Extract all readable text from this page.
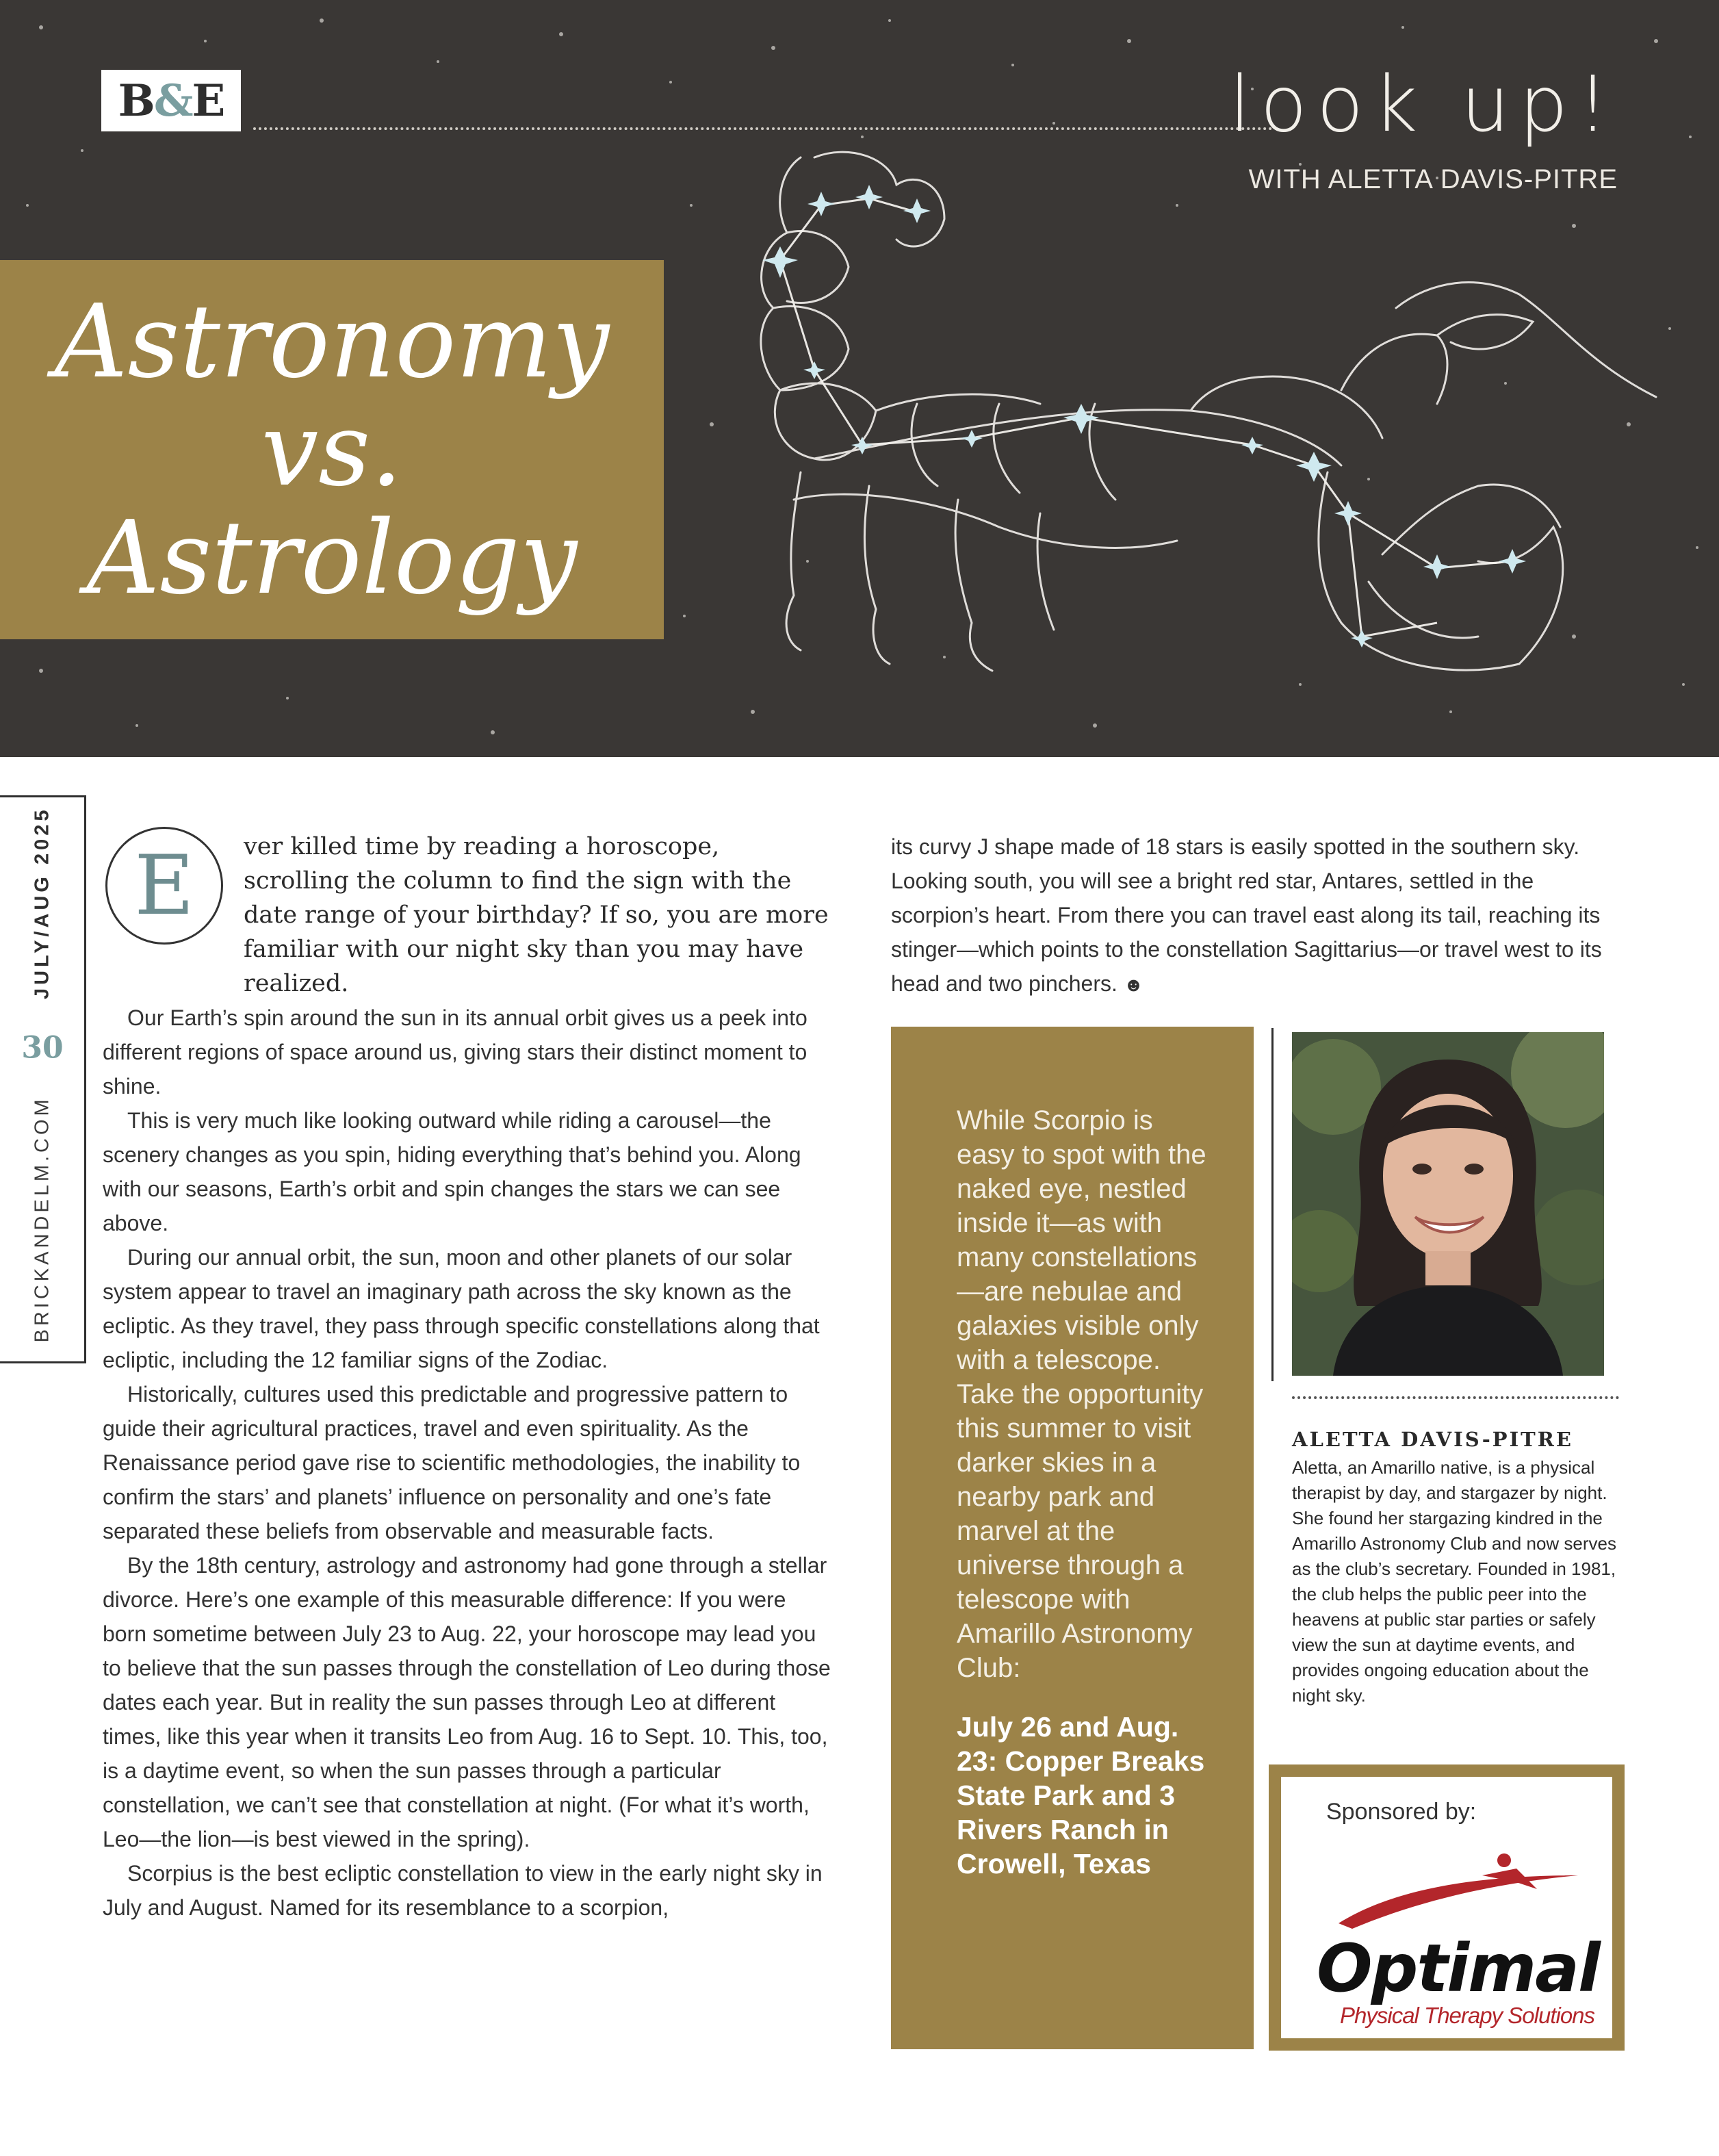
B&E	look up!
WITH ALETTA DAVIS-PITRE
Astronomy
vs.
Astrology
BRICKANDELM.COM
30
JULY/AUG 2025 E	ver killed time by reading a horoscope, scrolling the column to find the sign with the date range of your birthday? If so, you are more familiar with our night sky than you may have realized.

Our Earth’s spin around the sun in its annual orbit gives us a peek into different regions of space around us, giving stars their distinct moment to shine.

This is very much like looking outward while riding a carousel—the scenery changes as you spin, hiding everything that’s behind you. Along with our seasons, Earth’s orbit and spin changes the stars we can see above.

During our annual orbit, the sun, moon and other planets of our solar system appear to travel an imaginary path across the sky known as the ecliptic. As they travel, they pass through specific constellations along that ecliptic, including the 12 familiar signs of the Zodiac.

Historically, cultures used this predictable and progressive pattern to guide their agricultural practices, travel and even spirituality. As the Renaissance period gave rise to scientific methodologies, the inability to confirm the stars’ and planets’ influence on personality and one’s fate separated these beliefs from observable and measurable facts.

By the 18th century, astrology and astronomy had gone through a stellar divorce. Here’s one example of this measurable difference: If you were born sometime between July 23 to Aug. 22, your horoscope may lead you to believe that the sun passes through the constellation of Leo during those dates each year. But in reality the sun passes through Leo at different times, like this year when it transits Leo from Aug. 16 to Sept. 10. This, too, is a daytime event, so when the sun passes through a particular constellation, we can’t see that constellation at night. (For what it’s worth, Leo—the lion—is best viewed in the spring).

Scorpius is the best ecliptic constellation to view in the early night sky in July and August. Named for its resemblance to a scorpion,

its curvy J shape made of 18 stars is easily spotted in the southern sky. Looking south, you will see a bright red star, Antares, settled in the scorpion’s heart. From there you can travel east along its tail, reaching its stinger—which points to the constellation Sagittarius—or travel west to its head and two pinchers. ☻

While Scorpio is easy to spot with the naked eye, nestled inside it—as with many constellations—are nebulae and galaxies visible only with a telescope. Take the opportunity this summer to visit darker skies in a nearby park and marvel at the universe through a telescope with Amarillo Astronomy Club:

July 26 and Aug. 23: Copper Breaks State Park and 3 Rivers Ranch in Crowell, Texas
ALETTA DAVIS-PITRE
Aletta, an Amarillo native, is a physical therapist by day, and stargazer by night. She found her stargazing kindred in the Amarillo Astronomy Club and now serves as the club’s secretary. Founded in 1981, the club helps the public peer into the heavens at public star parties or safely view the sun at daytime events, and provides ongoing education about the night sky.
Sponsored by:
Optimal
Physical Therapy Solutions
